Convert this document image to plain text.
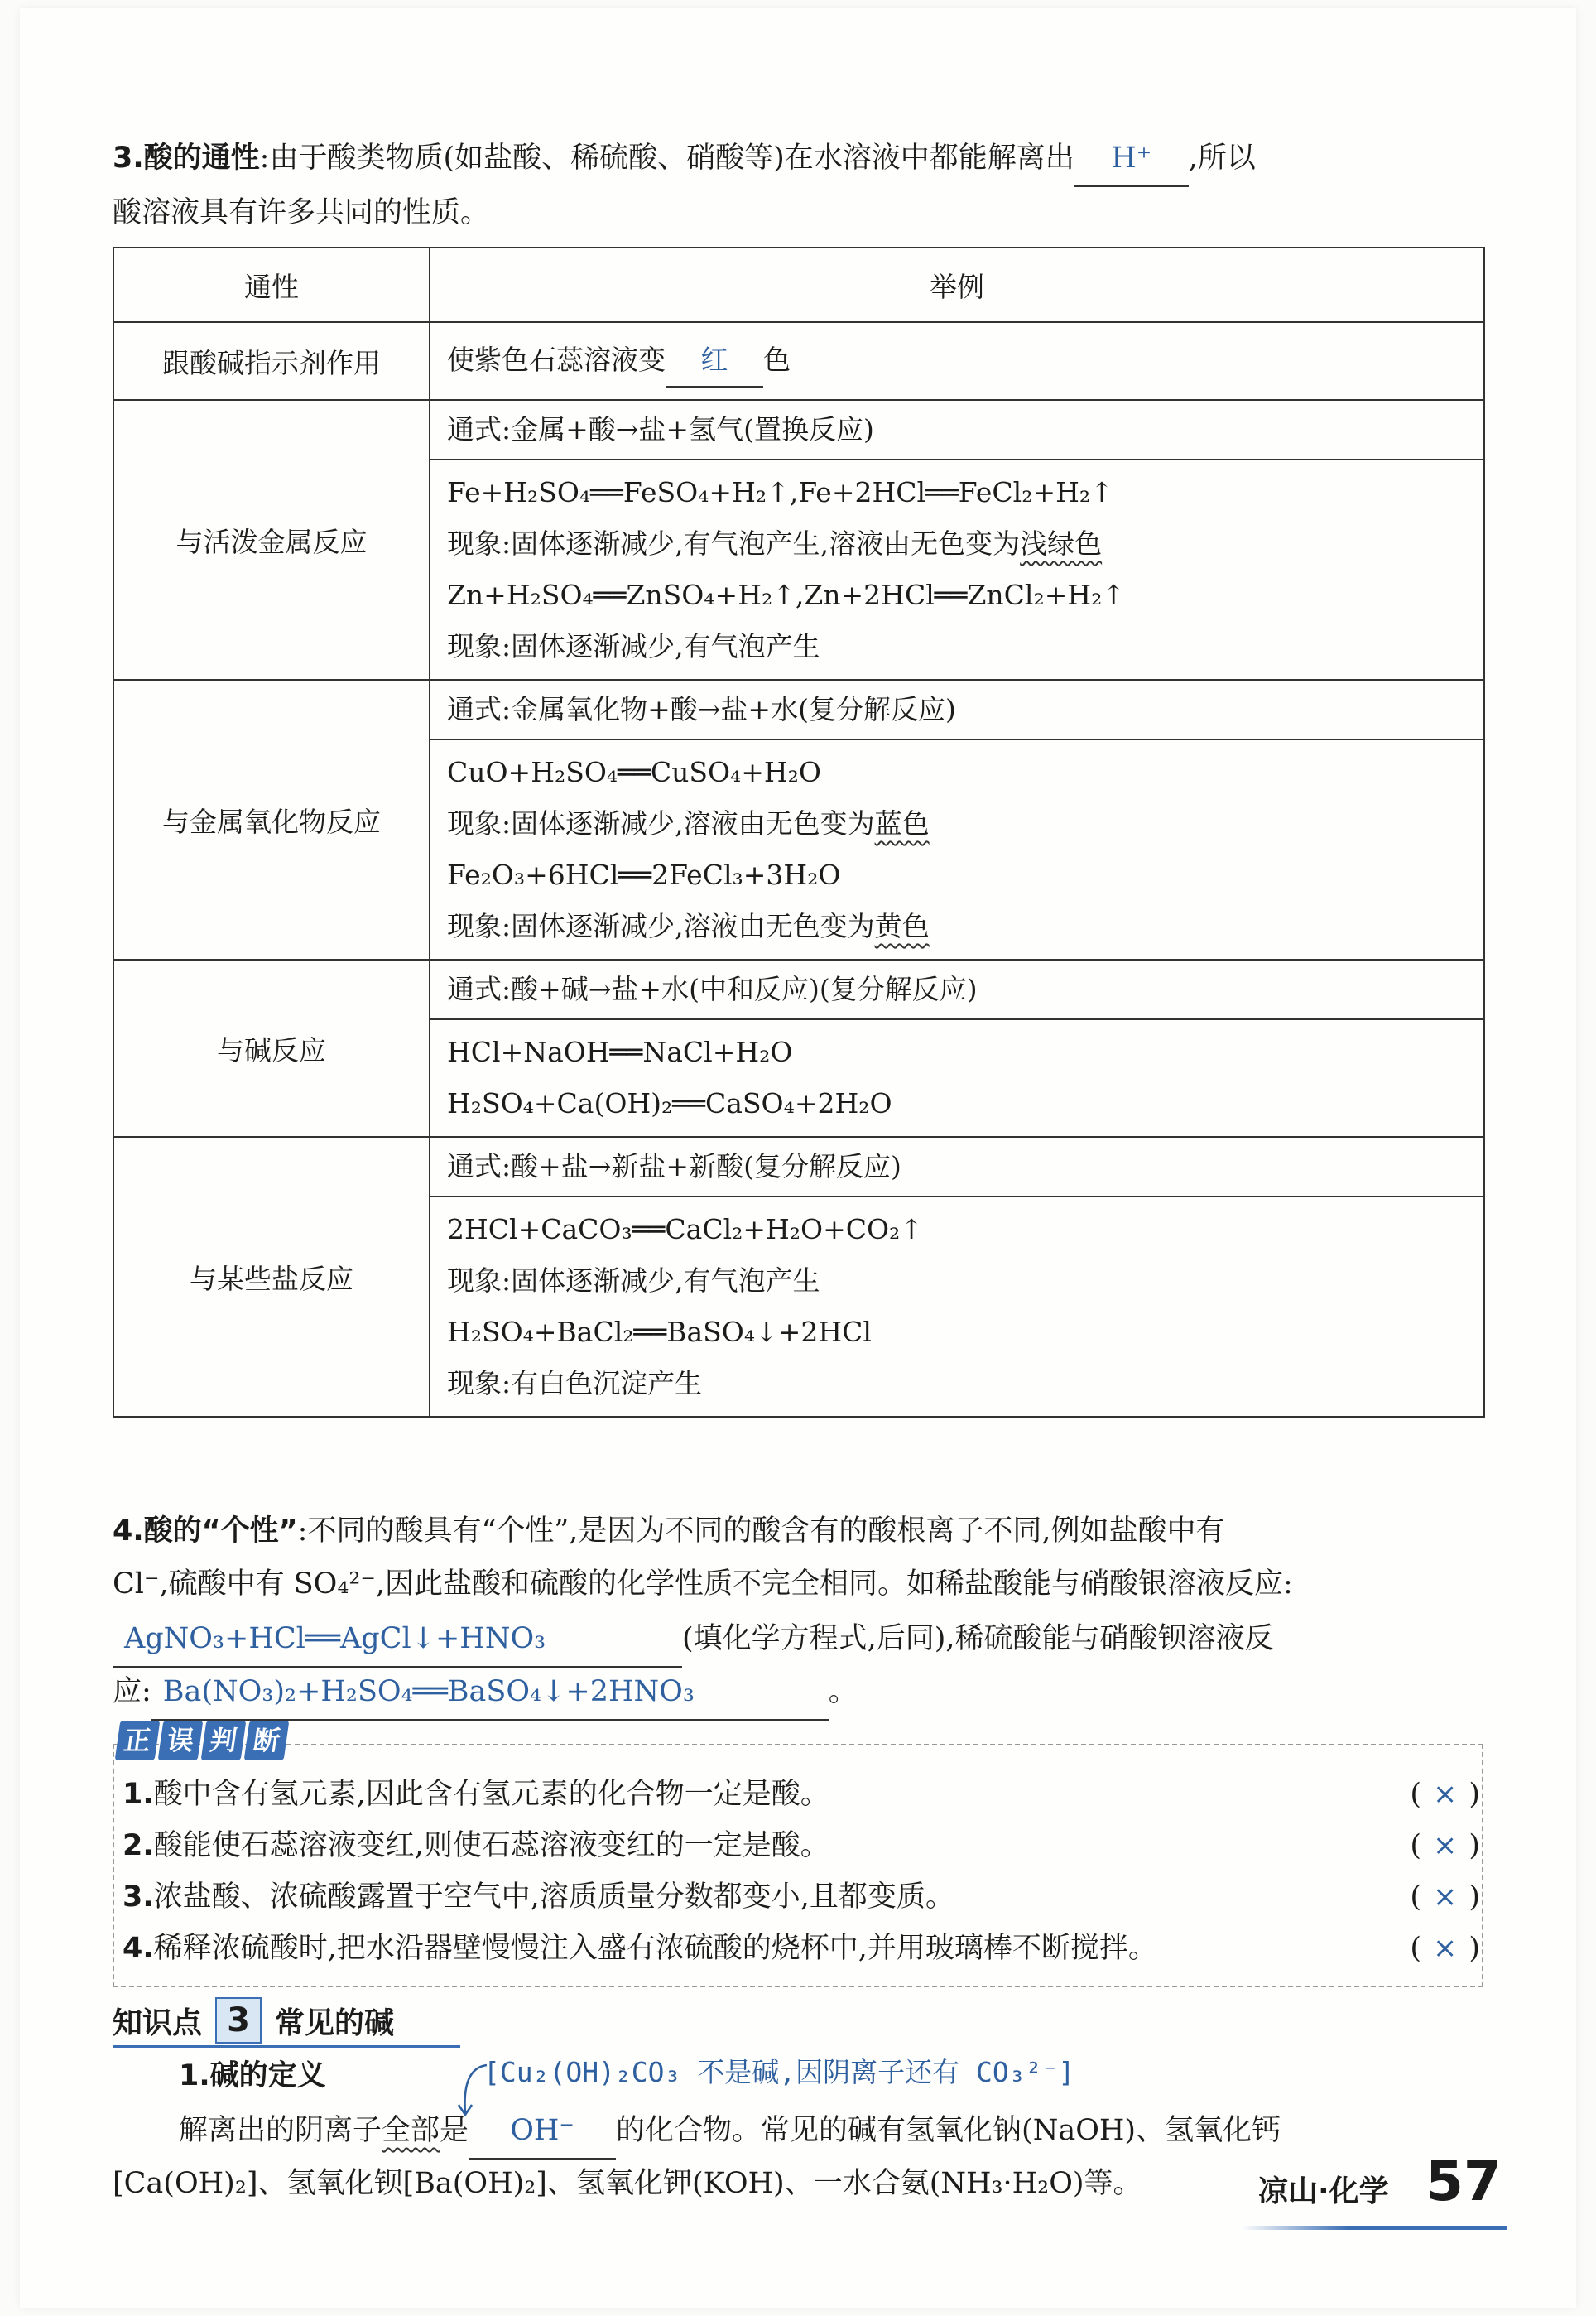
3.酸的通性:由于酸类物质(如盐酸、稀硫酸、硝酸等)在水溶液中都能解离出 H⁺ ,所以
酸溶液具有许多共同的性质。
通性	举例
跟酸碱指示剂作用	使紫色石蕊溶液变 红 色
与活泼金属反应	通式:金属+酸→盐+氢气(置换反应)

	Fe+H₂SO₄══FeSO₄+H₂↑,Fe+2HCl══FeCl₂+H₂↑
现象:固体逐渐减少,有气泡产生,溶液由无色变为浅绿色
Zn+H₂SO₄══ZnSO₄+H₂↑,Zn+2HCl══ZnCl₂+H₂↑
现象:固体逐渐减少,有气泡产生

与金属氧化物反应	通式:金属氧化物+酸→盐+水(复分解反应)

	CuO+H₂SO₄══CuSO₄+H₂O
现象:固体逐渐减少,溶液由无色变为蓝色
Fe₂O₃+6HCl══2FeCl₃+3H₂O
现象:固体逐渐减少,溶液由无色变为黄色

与碱反应	通式:酸+碱→盐+水(中和反应)(复分解反应)

	HCl+NaOH══NaCl+H₂O
H₂SO₄+Ca(OH)₂══CaSO₄+2H₂O

与某些盐反应	通式:酸+盐→新盐+新酸(复分解反应)

	2HCl+CaCO₃══CaCl₂+H₂O+CO₂↑
现象:固体逐渐减少,有气泡产生
H₂SO₄+BaCl₂══BaSO₄↓+2HCl
现象:有白色沉淀产生
4.酸的“个性”:不同的酸具有“个性”,是因为不同的酸含有的酸根离子不同,例如盐酸中有
Cl⁻,硫酸中有 SO₄²⁻,因此盐酸和硫酸的化学性质不完全相同。如稀盐酸能与硝酸银溶液反应:
AgNO₃+HCl══AgCl↓+HNO₃	(填化学方程式,后同),稀硫酸能与硝酸钡溶液反
应: Ba(NO₃)₂+H₂SO₄══BaSO₄↓+2HNO₃	。
正 误 判 断
1.酸中含有氢元素,因此含有氢元素的化合物一定是酸。	( × )
2.酸能使石蕊溶液变红,则使石蕊溶液变红的一定是酸。	( × )
3.浓盐酸、浓硫酸露置于空气中,溶质质量分数都变小,且都变质。	( × )
4.稀释浓硫酸时,把水沿器壁慢慢注入盛有浓硫酸的烧杯中,并用玻璃棒不断搅拌。	( × )
知识点 3 常见的碱
1.碱的定义	[Cu₂(OH)₂CO₃ 不是碱,因阴离子还有 CO₃²⁻]
解离出的阴离子全部是 OH⁻ 的化合物。常见的碱有氢氧化钠(NaOH)、氢氧化钙
[Ca(OH)₂]、氢氧化钡[Ba(OH)₂]、氢氧化钾(KOH)、一水合氨(NH₃·H₂O)等。	凉山·化学 57
